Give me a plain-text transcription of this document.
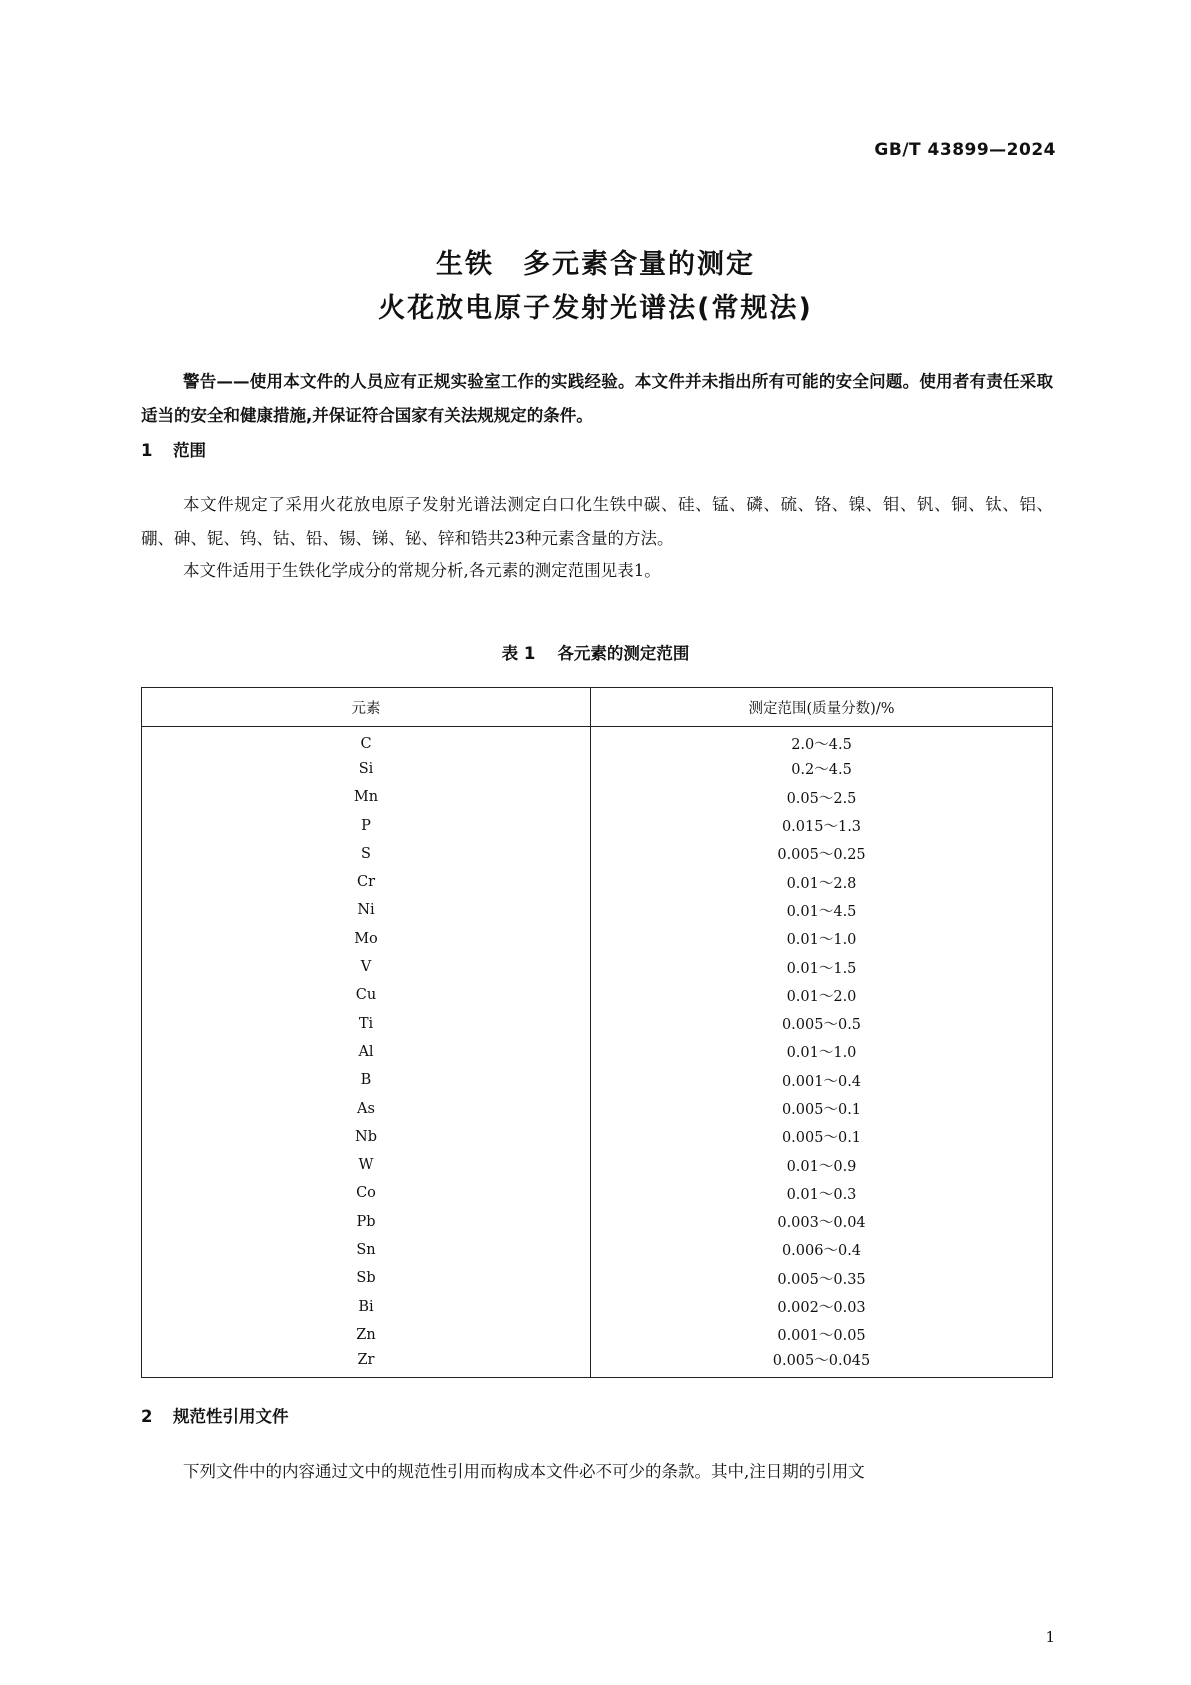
GB/T 43899—2024
生铁　多元素含量的测定
火花放电原子发射光谱法(常规法)
警告——使用本文件的人员应有正规实验室工作的实践经验。本文件并未指出所有可能的安全问题。使用者有责任采取适当的安全和健康措施,并保证符合国家有关法规规定的条件。
1 范围
本文件规定了采用火花放电原子发射光谱法测定白口化生铁中碳、硅、锰、磷、硫、铬、镍、钼、钒、铜、钛、铝、硼、砷、铌、钨、钴、铅、锡、锑、铋、锌和锆共23种元素含量的方法。
本文件适用于生铁化学成分的常规分析,各元素的测定范围见表1。
表 1 各元素的测定范围
元素	测定范围(质量分数)/%
C	2.0～4.5
Si	0.2～4.5
Mn	0.05～2.5
P	0.015～1.3
S	0.005～0.25
Cr	0.01～2.8
Ni	0.01～4.5
Mo	0.01～1.0
V	0.01～1.5
Cu	0.01～2.0
Ti	0.005～0.5
Al	0.01～1.0
B	0.001～0.4
As	0.005～0.1
Nb	0.005～0.1
W	0.01～0.9
Co	0.01～0.3
Pb	0.003～0.04
Sn	0.006～0.4
Sb	0.005～0.35
Bi	0.002～0.03
Zn	0.001～0.05
Zr	0.005～0.045
2 规范性引用文件
下列文件中的内容通过文中的规范性引用而构成本文件必不可少的条款。其中,注日期的引用文
1
